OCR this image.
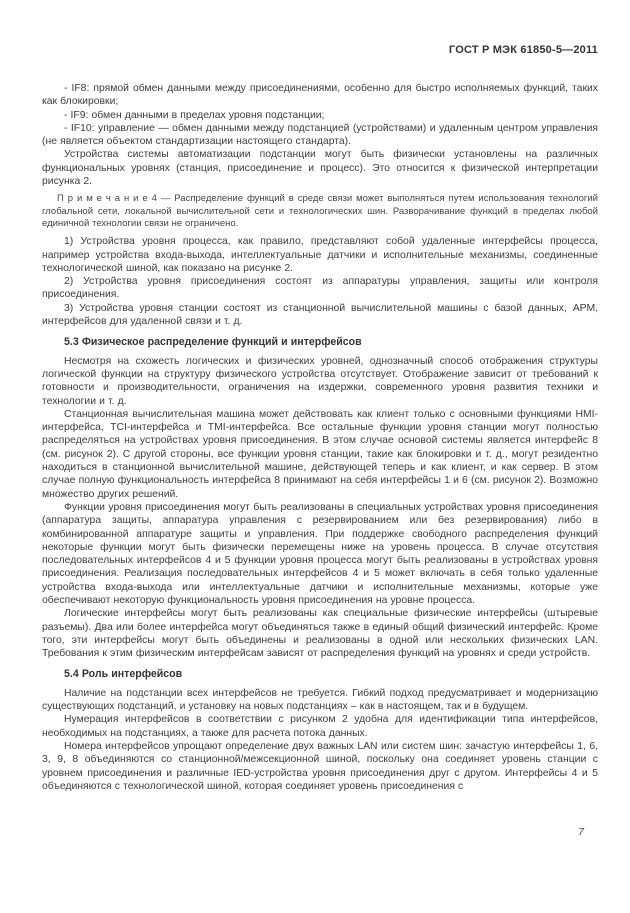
ГОСТ Р МЭК 61850-5—2011

- IF8: прямой обмен данными между присоединениями, особенно для быстро исполняемых функций, таких как блокировки;

- IF9: обмен данными в пределах уровня подстанции;

- IF10: управление — обмен данными между подстанцией (устройствами) и удаленным центром управления (не является объектом стандартизации настоящего стандарта).

Устройства системы автоматизации подстанции могут быть физически установлены на различных функциональных уровнях (станция, присоединение и процесс). Это относится к физической интерпретации рисунка 2.

П р и м е ч а н и е 4 — Распределение функций в среде связи может выполняться путем использования технологий глобальной сети, локальной вычислительной сети и технологических шин. Разворачивание функций в пределах любой единичной технологии связи не ограничено.

1) Устройства уровня процесса, как правило, представляют собой удаленные интерфейсы процесса, например устройства входа-выхода, интеллектуальные датчики и исполнительные механизмы, соединенные технологической шиной, как показано на рисунке 2.

2) Устройства уровня присоединения состоят из аппаратуры управления, защиты или контроля присоединения.

3) Устройства уровня станции состоят из станционной вычислительной машины с базой данных, АРМ, интерфейсов для удаленной связи и т. д.

5.3 Физическое распределение функций и интерфейсов

Несмотря на схожесть логических и физических уровней, однозначный способ отображения структуры логической функции на структуру физического устройства отсутствует. Отображение зависит от требований к готовности и производительности, ограничения на издержки, современного уровня развития техники и технологии и т. д.

Станционная вычислительная машина может действовать как клиент только с основными функциями HMI-интерфейса, TCI-интерфейса и TMI-интерфейса. Все остальные функции уровня станции могут полностью распределяться на устройствах уровня присоединения. В этом случае основой системы является интерфейс 8 (см. рисунок 2). С другой стороны, все функции уровня станции, такие как блокировки и т. д., могут резидентно находиться в станционной вычислительной машине, действующей теперь и как клиент, и как сервер. В этом случае полную функциональность интерфейса 8 принимают на себя интерфейсы 1 и 6 (см. рисунок 2). Возможно множество других решений.

Функции уровня присоединения могут быть реализованы в специальных устройствах уровня присоединения (аппаратура защиты, аппаратура управления с резервированием или без резервирования) либо в комбинированной аппаратуре защиты и управления. При поддержке свободного распределения функций некоторые функции могут быть физически перемещены ниже на уровень процесса. В случае отсутствия последовательных интерфейсов 4 и 5 функции уровня процесса могут быть реализованы в устройствах уровня присоединения. Реализация последовательных интерфейсов 4 и 5 может включать в себя только удаленные устройства входа-выхода или интеллектуальные датчики и исполнительные механизмы, которые уже обеспечивают некоторую функциональность уровня присоединения на уровне процесса.

Логические интерфейсы могут быть реализованы как специальные физические интерфейсы (штыревые разъемы). Два или более интерфейса могут объединяться также в единый общий физический интерфейс. Кроме того, эти интерфейсы могут быть объединены и реализованы в одной или нескольких физических LAN. Требования к этим физическим интерфейсам зависят от распределения функций на уровнях и среди устройств.

5.4 Роль интерфейсов

Наличие на подстанции всех интерфейсов не требуется. Гибкий подход предусматривает и модернизацию существующих подстанций, и установку на новых подстанциях – как в настоящем, так и в будущем.

Нумерация интерфейсов в соответствии с рисунком 2 удобна для идентификации типа интерфейсов, необходимых на подстанциях, а также для расчета потока данных.

Номера интерфейсов упрощают определение двух важных LAN или систем шин: зачастую интерфейсы 1, 6, 3, 9, 8 объединяются со станционной/межсекционной шиной, поскольку она соединяет уровень станции с уровнем присоединения и различные IED-устройства уровня присоединения друг с другом. Интерфейсы 4 и 5 объединяются с технологической шиной, которая соединяет уровень присоединения с

7
